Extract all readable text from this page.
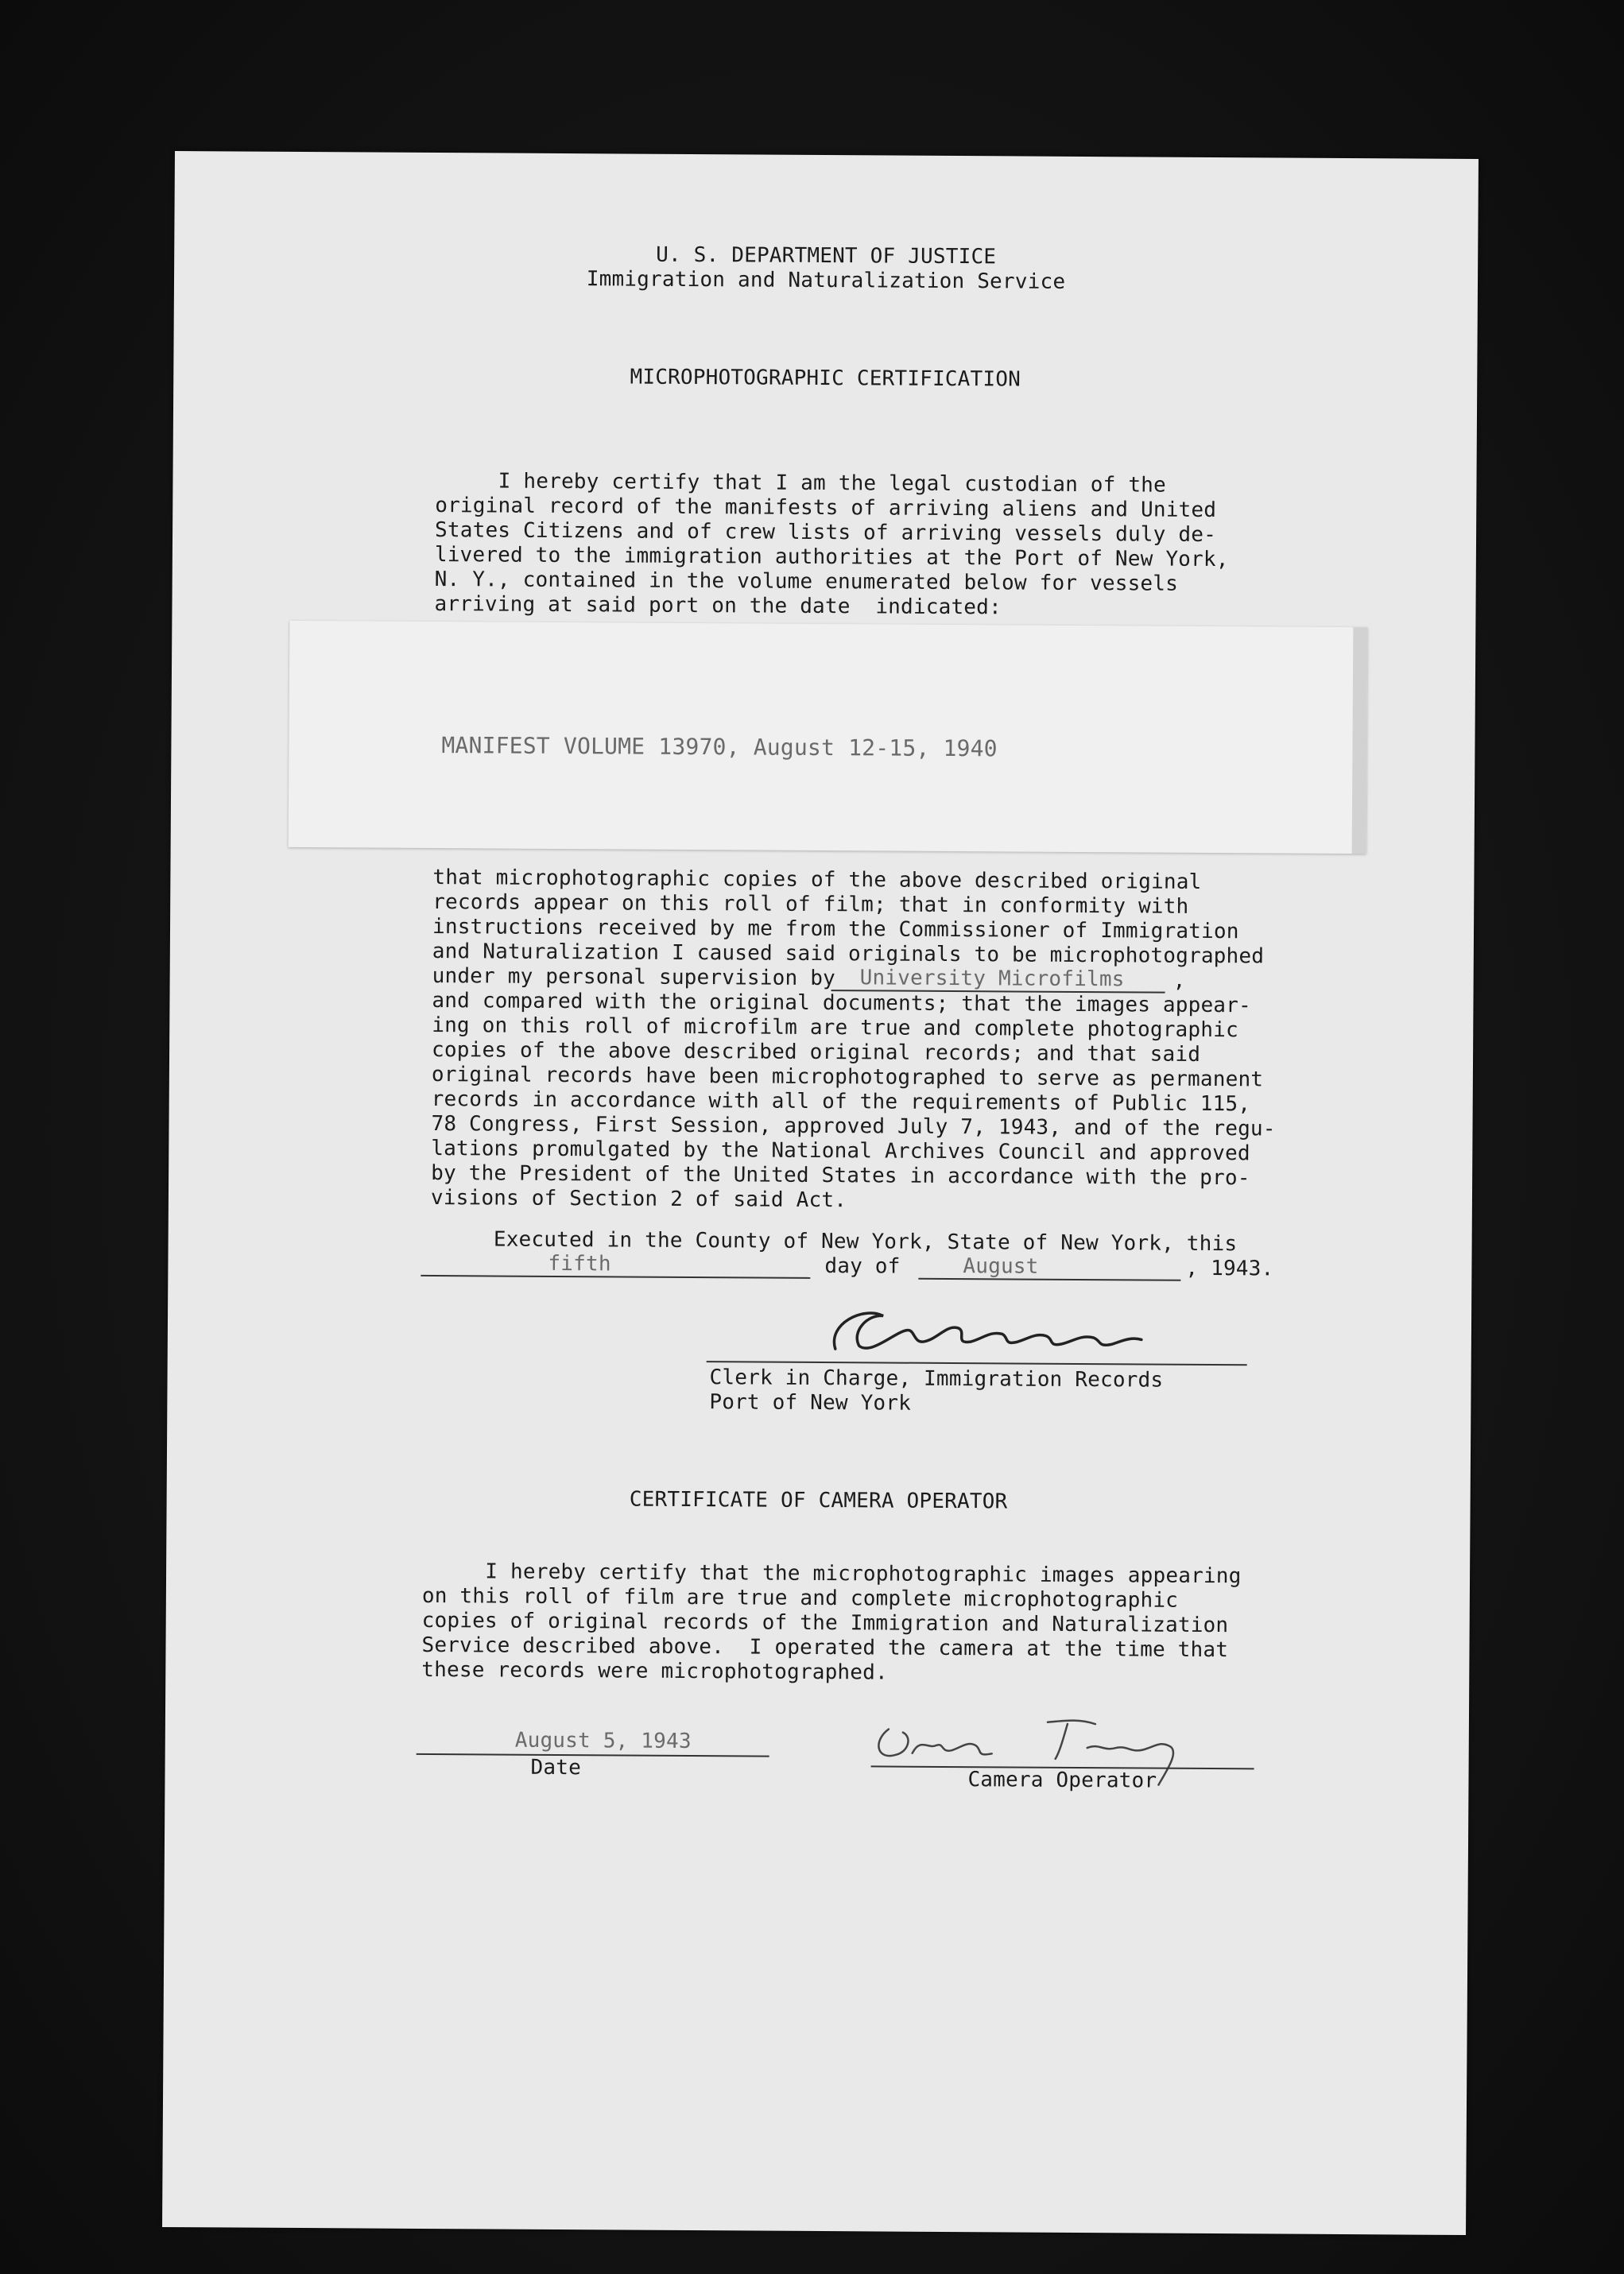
U. S. DEPARTMENT OF JUSTICE
Immigration and Naturalization Service
MICROPHOTOGRAPHIC CERTIFICATION
I hereby certify that I am the legal custodian of the
original record of the manifests of arriving aliens and United
States Citizens and of crew lists of arriving vessels duly de-
livered to the immigration authorities at the Port of New York,
N. Y., contained in the volume enumerated below for vessels
arriving at said port on the date  indicated:
MANIFEST VOLUME 13970, August 12-15, 1940
that microphotographic copies of the above described original
records appear on this roll of film; that in conformity with
instructions received by me from the Commissioner of Immigration
and Naturalization I caused said originals to be microphotographed
under my personal supervision by University Microfilms ,
and compared with the original documents; that the images appear-
ing on this roll of microfilm are true and complete photographic
copies of the above described original records; and that said
original records have been microphotographed to serve as permanent
records in accordance with all of the requirements of Public 115,
78 Congress, First Session, approved July 7, 1943, and of the regu-
lations promulgated by the National Archives Council and approved
by the President of the United States in accordance with the pro-
visions of Section 2 of said Act.
Executed in the County of New York, State of New York, this
fifth	day of	August	, 1943.
Clerk in Charge, Immigration Records
Port of New York
CERTIFICATE OF CAMERA OPERATOR
I hereby certify that the microphotographic images appearing
on this roll of film are true and complete microphotographic
copies of original records of the Immigration and Naturalization
Service described above.  I operated the camera at the time that
these records were microphotographed.
August 5, 1943
Date
Camera Operator
